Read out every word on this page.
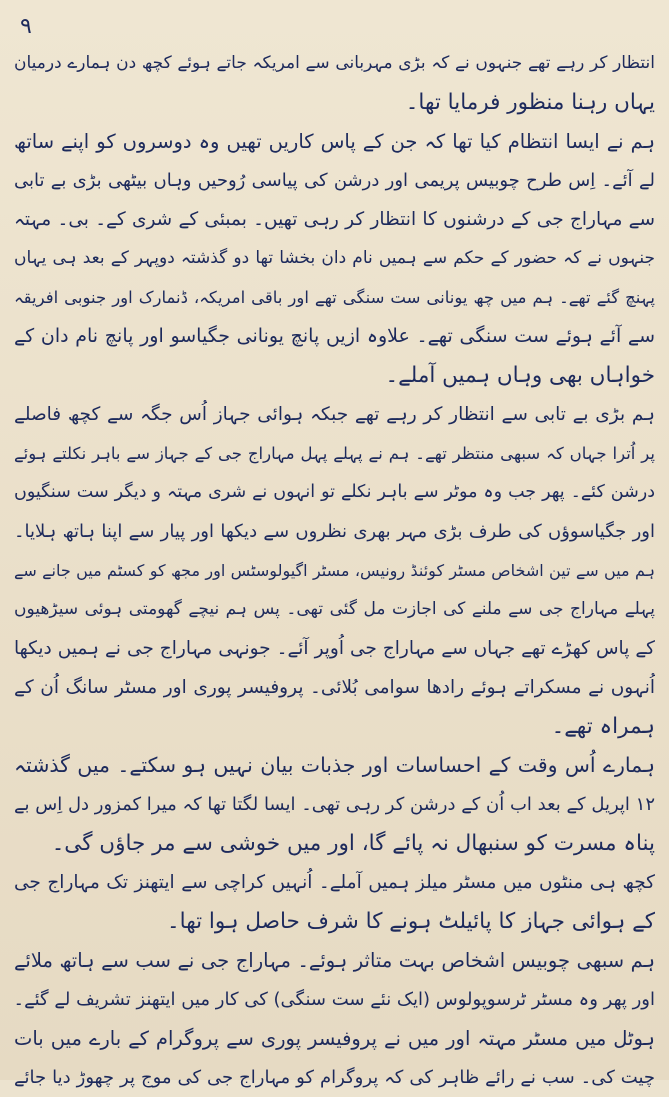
۹
انتظار کر رہے تھے جنہوں نے کہ بڑی مہربانی سے امریکہ جاتے ہوئے کچھ دن ہمارے درمیان
یہاں رہنا منظور فرمایا تھا۔
ہم نے ایسا انتظام کیا تھا کہ جن کے پاس کاریں تھیں وہ دوسروں کو اپنے ساتھ
لے آئے۔ اِس طرح چوبیس پریمی اور درشن کی پیاسی رُوحیں وہاں بیٹھی بڑی بے تابی
سے مہاراج جی کے درشنوں کا انتظار کر رہی تھیں۔ بمبئی کے شری کے۔ بی۔ مہتہ
جنہوں نے کہ حضور کے حکم سے ہمیں نام دان بخشا تھا دو گذشتہ دوپہر کے بعد ہی یہاں
پہنچ گئے تھے۔ ہم میں چھ یونانی ست سنگی تھے اور باقی امریکہ، ڈنمارک اور جنوبی افریقہ
سے آئے ہوئے ست سنگی تھے۔ علاوہ ازیں پانچ یونانی جگیاسو اور پانچ نام دان کے
خواہاں بھی وہاں ہمیں آملے۔
ہم بڑی بے تابی سے انتظار کر رہے تھے جبکہ ہوائی جہاز اُس جگہ سے کچھ فاصلے
پر اُترا جہاں کہ سبھی منتظر تھے۔ ہم نے پہلے پہل مہاراج جی کے جہاز سے باہر نکلتے ہوئے
درشن کئے۔ پھر جب وہ موٹر سے باہر نکلے تو انہوں نے شری مہتہ و دیگر ست سنگیوں
اور جگیاسوؤں کی طرف بڑی مہر بھری نظروں سے دیکھا اور پیار سے اپنا ہاتھ ہلایا۔
ہم میں سے تین اشخاص مسٹر کوئنڈ رونیس، مسٹر اگیولوسٹس اور مجھ کو کسٹم میں جانے سے
پہلے مہاراج جی سے ملنے کی اجازت مل گئی تھی۔ پس ہم نیچے گھومتی ہوئی سیڑھیوں
کے پاس کھڑے تھے جہاں سے مہاراج جی اُوپر آئے۔ جونہی مہاراج جی نے ہمیں دیکھا
اُنہوں نے مسکراتے ہوئے رادھا سوامی بُلائی۔ پروفیسر پوری اور مسٹر سانگ اُن کے
ہمراہ تھے۔
ہمارے اُس وقت کے احساسات اور جذبات بیان نہیں ہو سکتے۔ میں گذشتہ
۱۲ اپریل کے بعد اب اُن کے درشن کر رہی تھی۔ ایسا لگتا تھا کہ میرا کمزور دل اِس بے
پناہ مسرت کو سنبھال نہ پائے گا، اور میں خوشی سے مر جاؤں گی۔
کچھ ہی منٹوں میں مسٹر میلز ہمیں آملے۔ اُنہیں کراچی سے ایتھنز تک مہاراج جی
کے ہوائی جہاز کا پائیلٹ ہونے کا شرف حاصل ہوا تھا۔
ہم سبھی چوبیس اشخاص بہت متاثر ہوئے۔ مہاراج جی نے سب سے ہاتھ ملائے
اور پھر وہ مسٹر ٹرسوپولوس (ایک نئے ست سنگی) کی کار میں ایتھنز تشریف لے گئے۔
ہوٹل میں مسٹر مہتہ اور میں نے پروفیسر پوری سے پروگرام کے بارے میں بات
چیت کی۔ سب نے رائے ظاہر کی کہ پروگرام کو مہاراج جی کی موج پر چھوڑ دیا جائے
